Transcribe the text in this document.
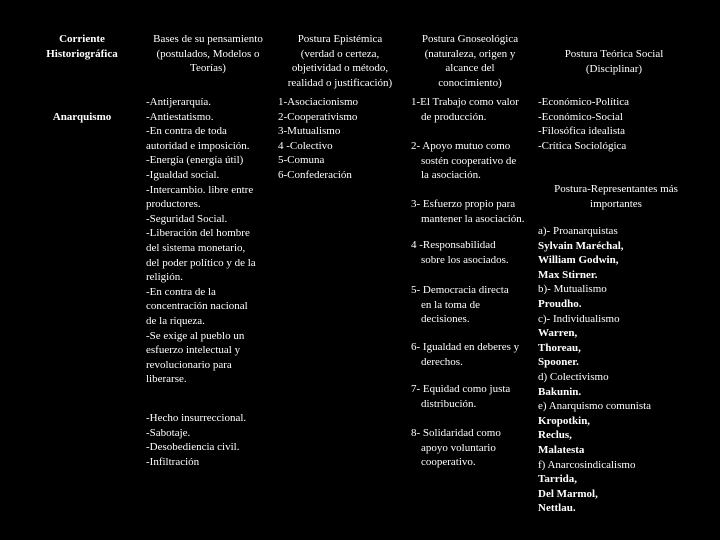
Corriente
Historiográfica
Bases de su pensamiento
(postulados, Modelos o
Teorías)
Postura Epistémica
(verdad o certeza,
objetividad o método,
realidad o justificación)
Postura Gnoseológica
(naturaleza, origen y
alcance del
conocimiento)
Postura Teórica Social
(Disciplinar)
Anarquismo
-Antijerarquía.
-Antiestatismo.
-En contra de toda
autoridad e imposición.
-Energía (energía útil)
-Igualdad social.
-Intercambio. libre entre
productores.
-Seguridad Social.
-Liberación del hombre
del sistema monetario,
del poder político y de la
religión.
-En contra de la
concentración nacional
de la riqueza.
-Se exige al pueblo un
esfuerzo intelectual y
revolucionario para
liberarse.
-Hecho insurreccional.
-Sabotaje.
-Desobediencia civil.
-Infiltración
1-Asociacionismo
2-Cooperativismo
3-Mutualismo
4 -Colectivo
5-Comuna
6-Confederación
1-El Trabajo como valor
de producción.
2- Apoyo mutuo como
sostén cooperativo de
la asociación.
3- Esfuerzo propio para
mantener la asociación.
4 -Responsabilidad
sobre los asociados.
5- Democracia directa
en la toma de
decisiones.
6- Igualdad en deberes y
derechos.
7- Equidad como justa
distribución.
8- Solidaridad como
apoyo voluntario
cooperativo.
-Económico-Política
-Económico-Social
-Filosófica idealista
-Crítica Sociológica
Postura-Representantes más
importantes
a)- Proanarquistas
Sylvain Maréchal,
William Godwin,
Max Stirner.
b)- Mutualismo
Proudho.
c)- Individualismo
Warren,
Thoreau,
Spooner.
d) Colectivismo
Bakunin.
e) Anarquismo comunista
Kropotkin,
Reclus,
Malatesta
f) Anarcosindicalismo
Tarrida,
Del Marmol,
Nettlau.
